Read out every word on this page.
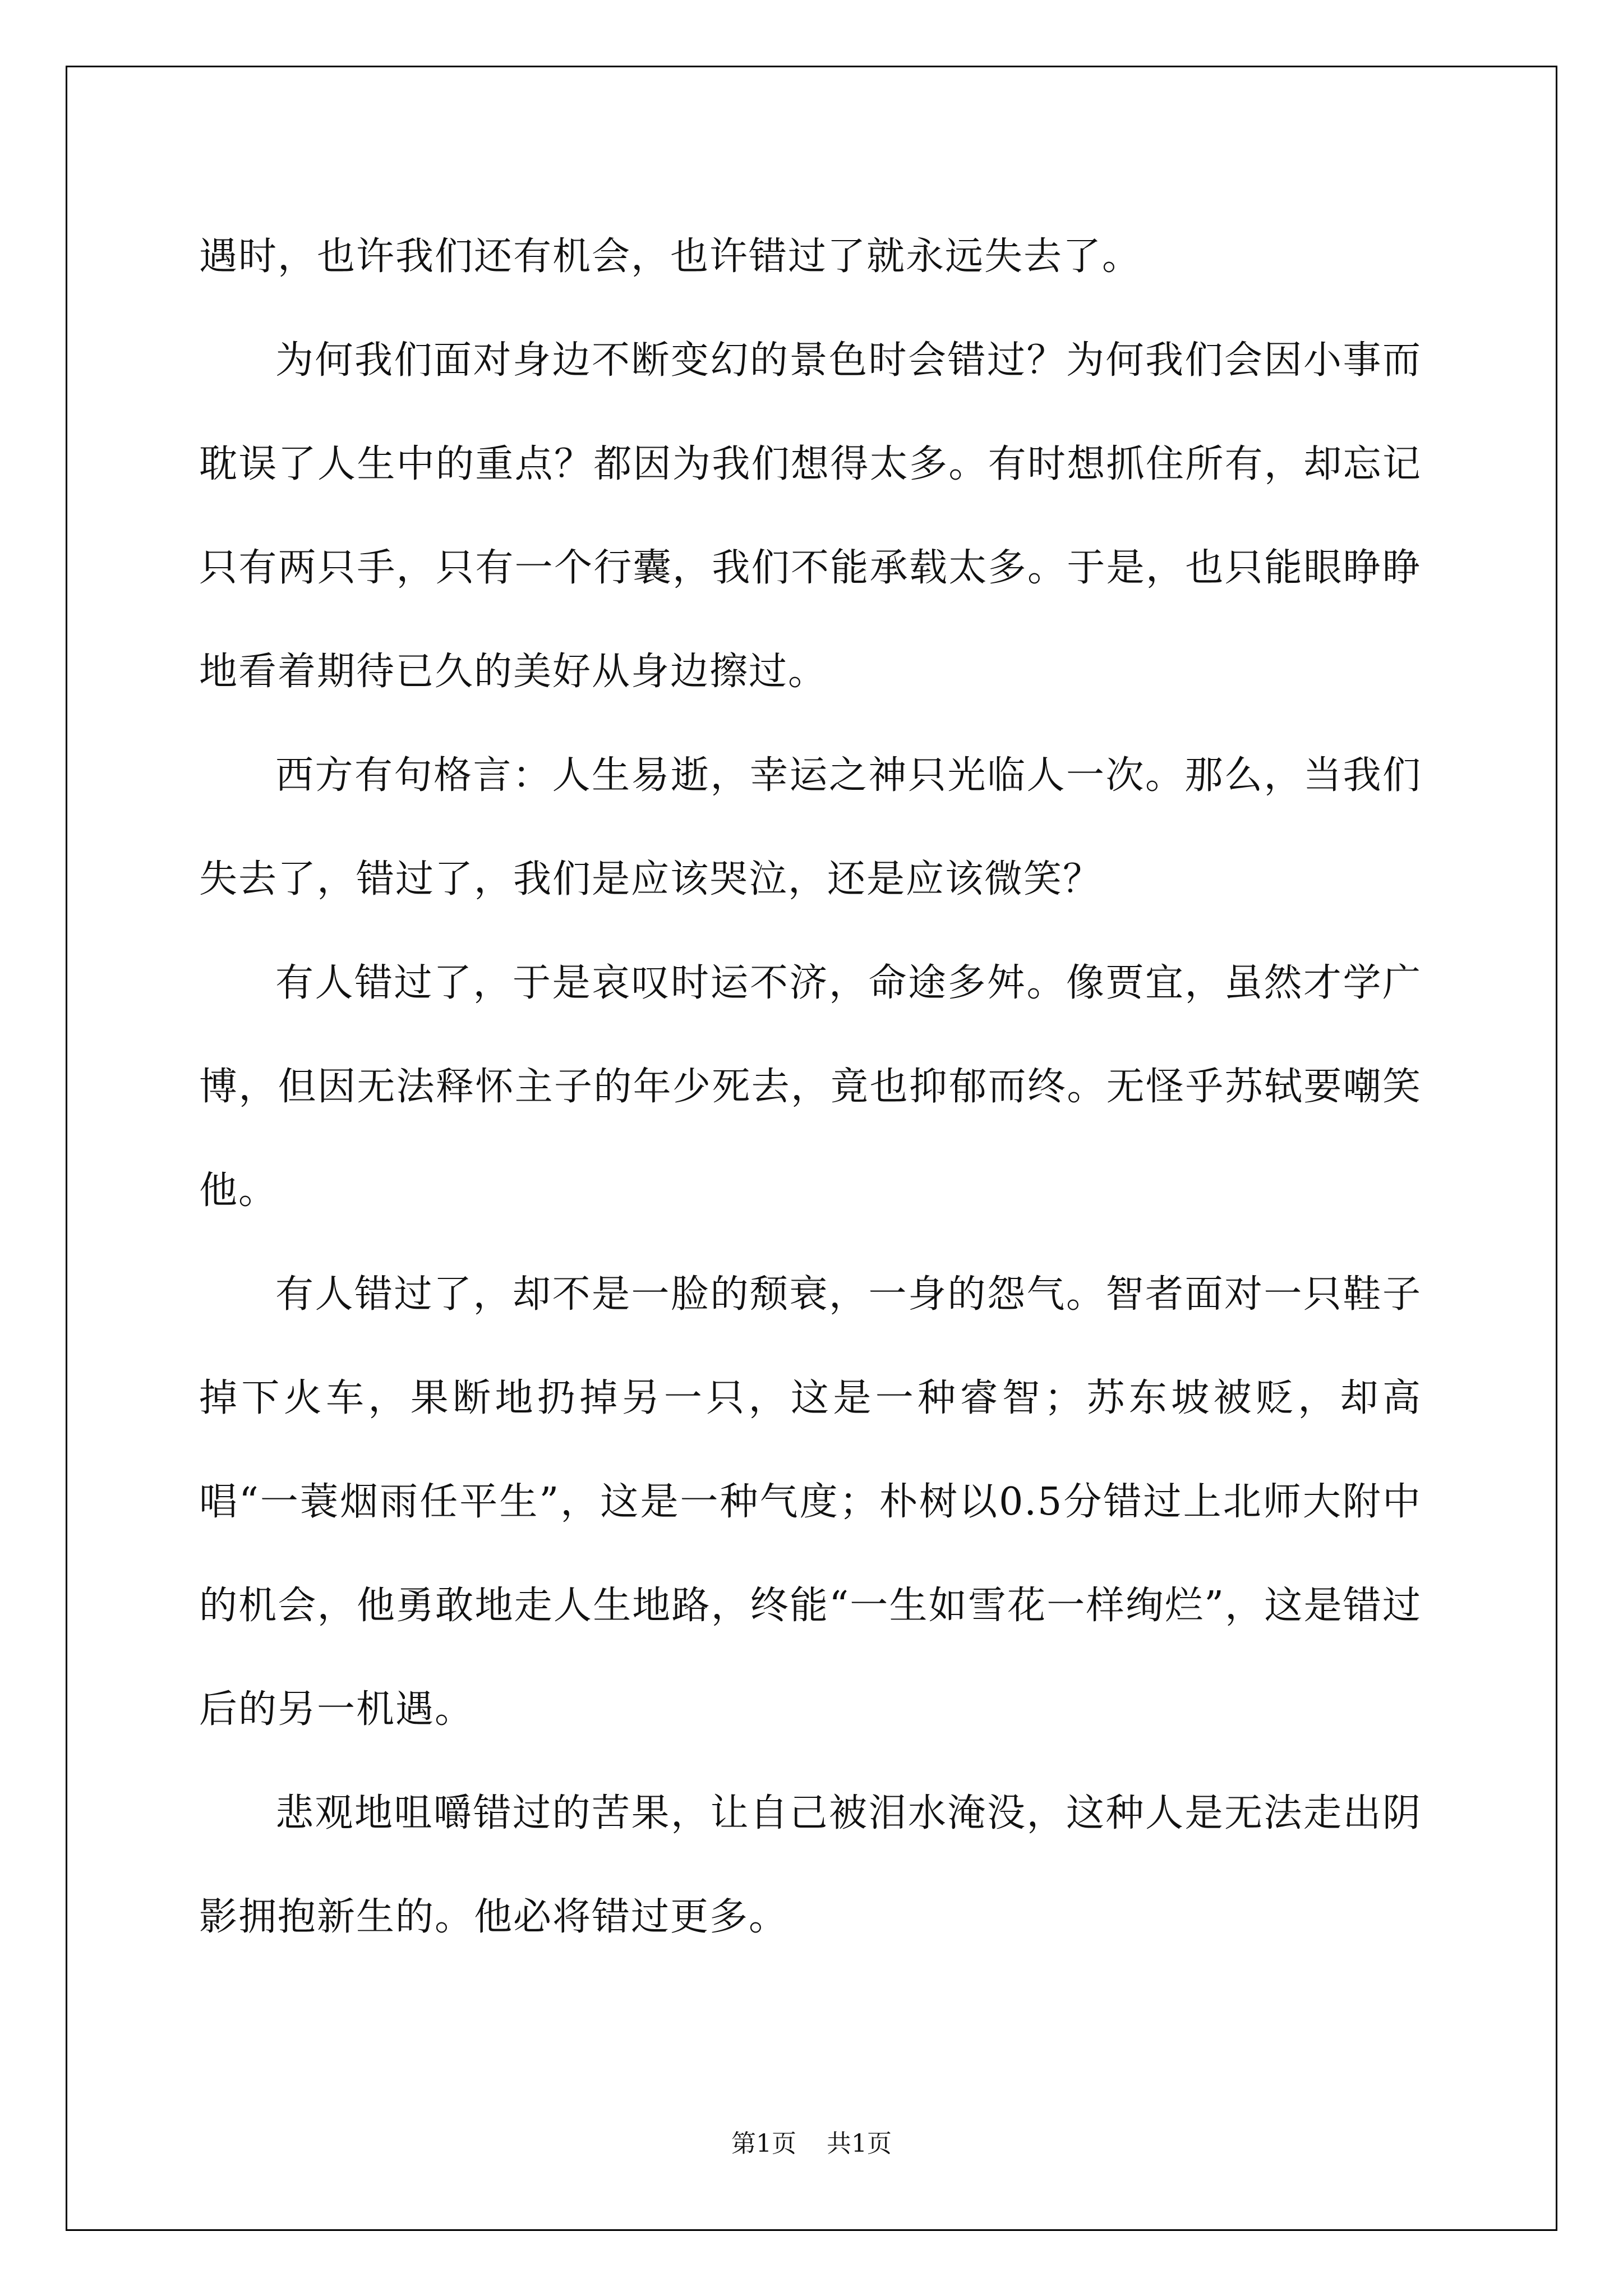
遇时，也许我们还有机会，也许错过了就永远失去了。

为何我们面对身边不断变幻的景色时会错过？为何我们会因小事而耽误了人生中的重点？都因为我们想得太多。有时想抓住所有，却忘记只有两只手，只有一个行囊，我们不能承载太多。于是，也只能眼睁睁地看着期待已久的美好从身边擦过。

西方有句格言：人生易逝，幸运之神只光临人一次。那么，当我们失去了，错过了，我们是应该哭泣，还是应该微笑？

有人错过了，于是哀叹时运不济，命途多舛。像贾宜，虽然才学广博，但因无法释怀主子的年少死去，竟也抑郁而终。无怪乎苏轼要嘲笑他。

有人错过了，却不是一脸的颓衰，一身的怨气。智者面对一只鞋子掉下火车，果断地扔掉另一只，这是一种睿智；苏东坡被贬，却高唱“一蓑烟雨任平生”，这是一种气度；朴树以0.5分错过上北师大附中的机会，他勇敢地走人生地路，终能“一生如雪花一样绚烂”，这是错过后的另一机遇。

悲观地咀嚼错过的苦果，让自己被泪水淹没，这种人是无法走出阴影拥抱新生的。他必将错过更多。

第1页 共1页
